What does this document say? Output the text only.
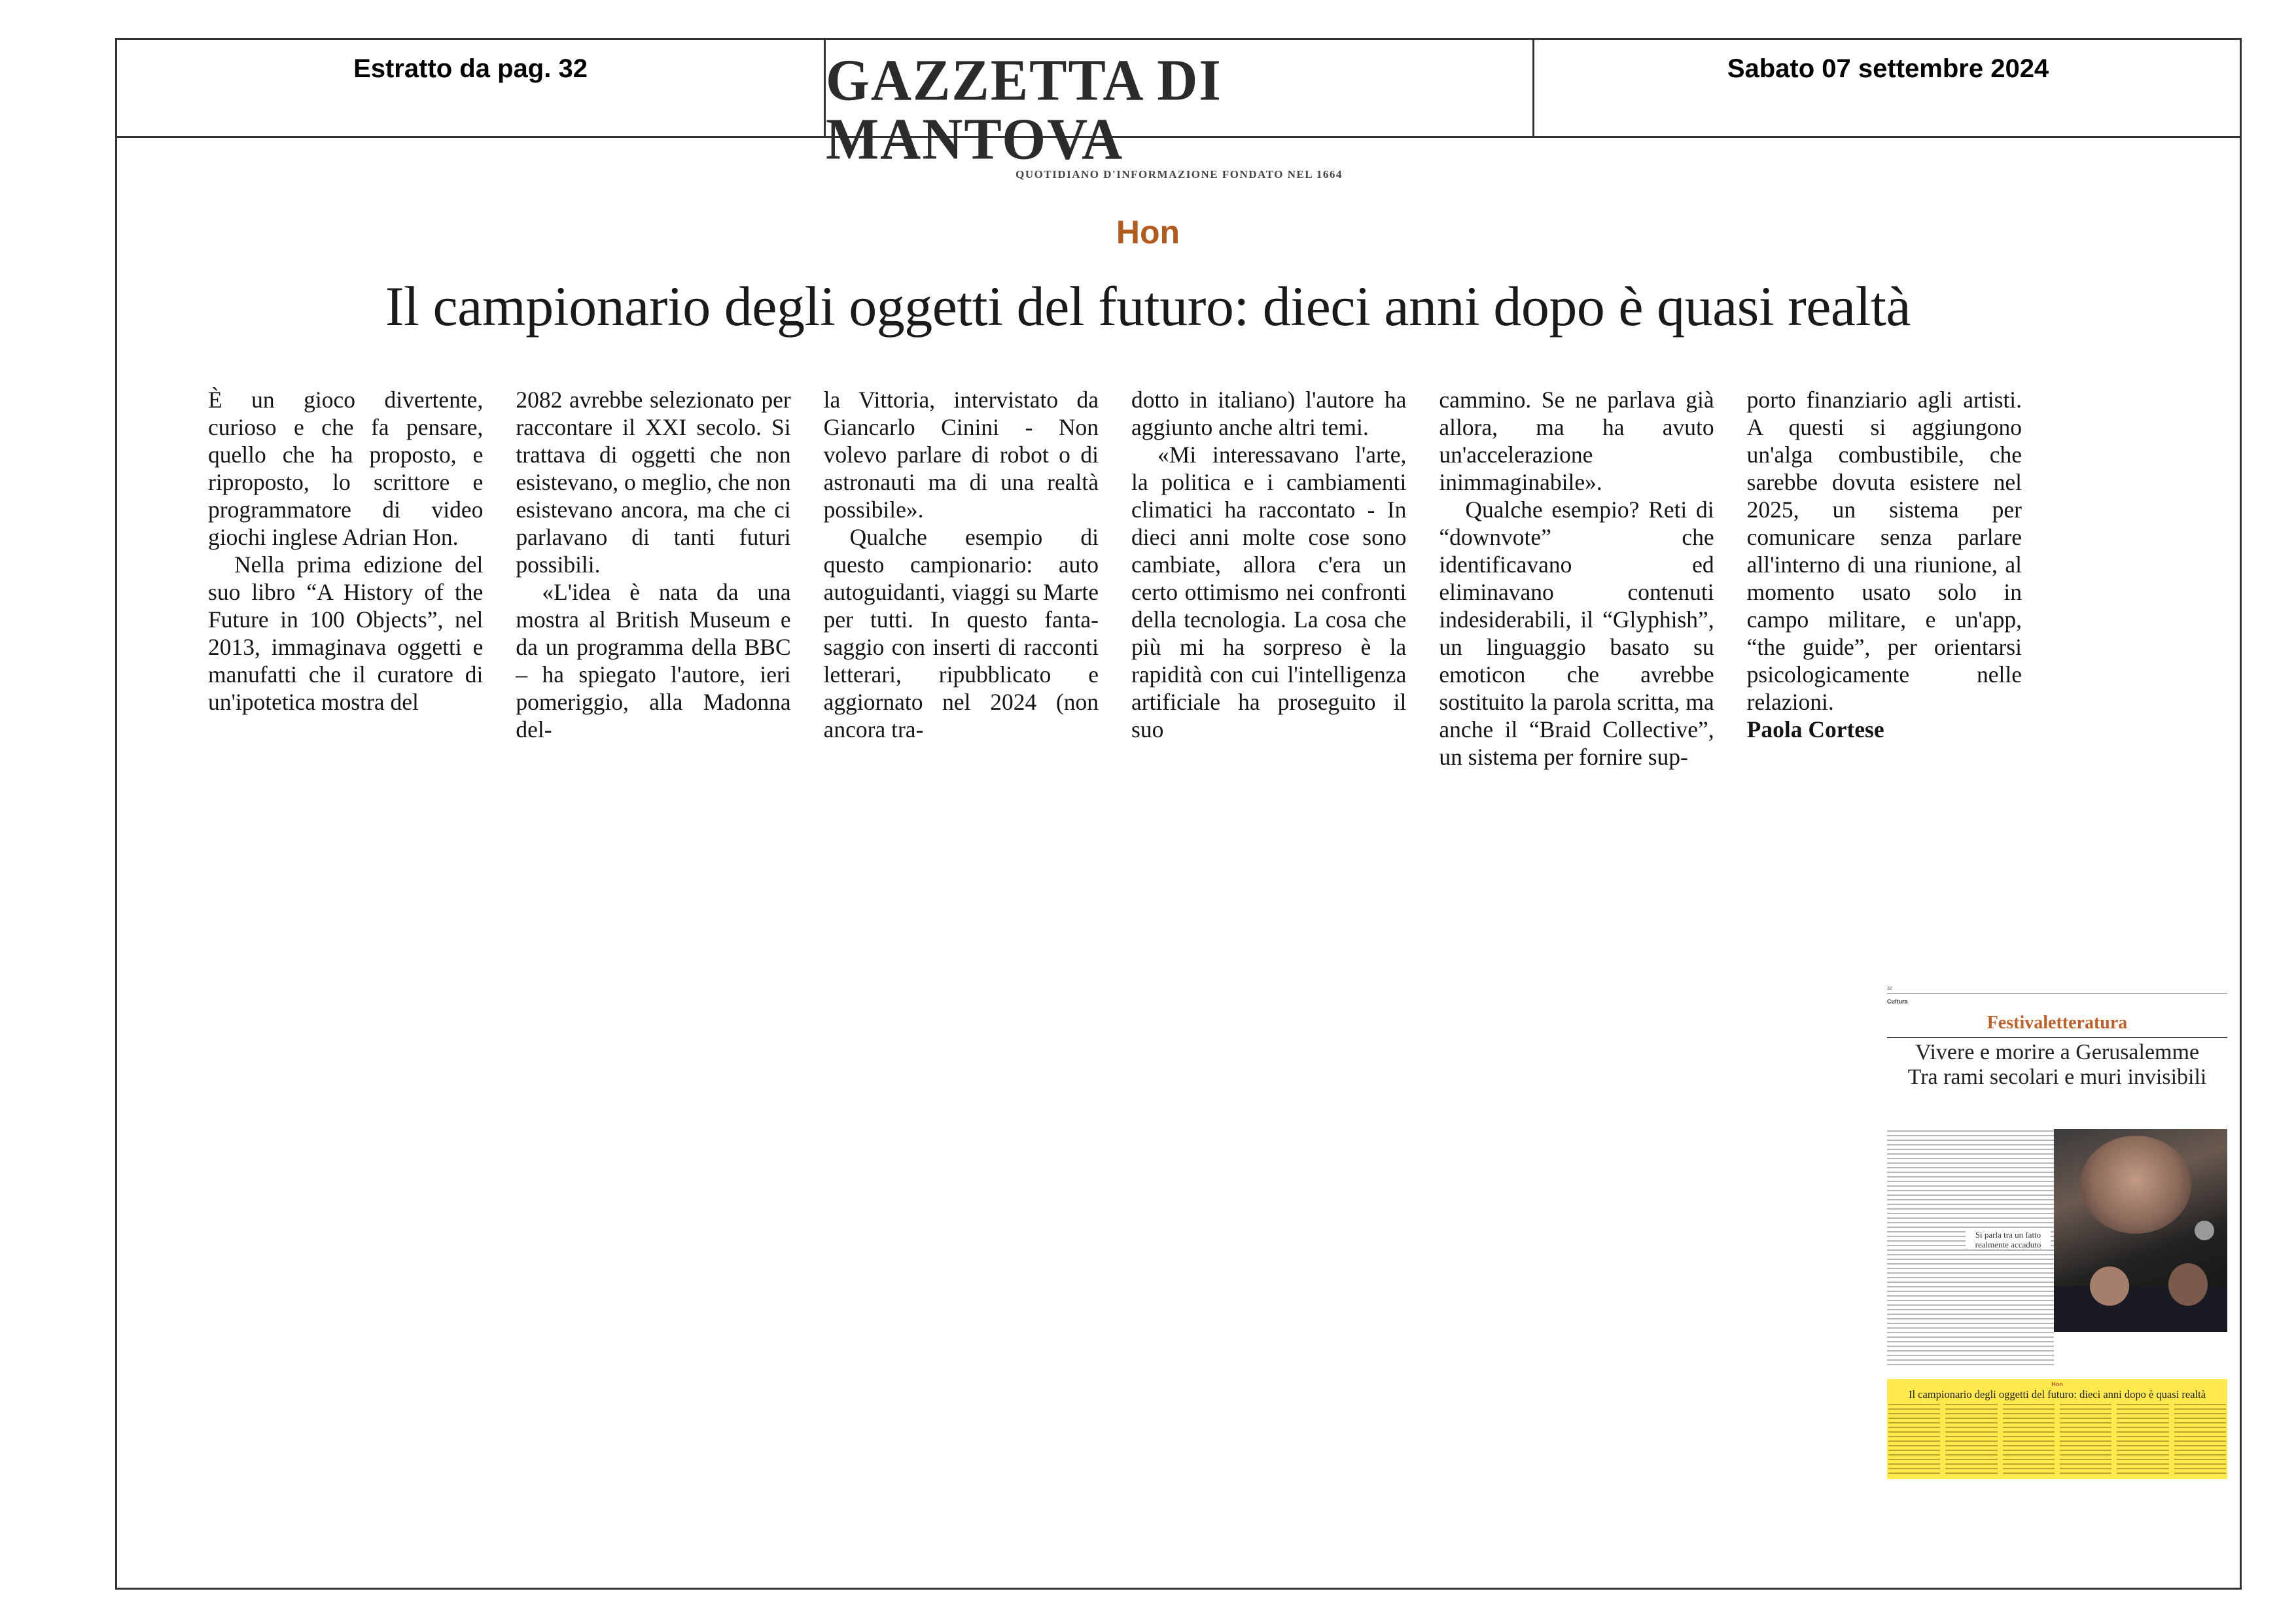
Estratto da pag. 32	GAZZETTA DI MANTOVA
QUOTIDIANO D'INFORMAZIONE FONDATO NEL 1664
Sabato 07 settembre 2024
Hon
Il campionario degli oggetti del futuro: dieci anni dopo è quasi realtà

È un gioco divertente, curioso e che fa pensare, quello che ha proposto, e riproposto, lo scrittore e programmatore di video giochi inglese Adrian Hon.

Nella prima edizione del suo libro “A History of the Future in 100 Objects”, nel 2013, immaginava oggetti e manufatti che il curatore di un'ipotetica mostra del

2082 avrebbe selezionato per raccontare il XXI secolo. Si trattava di oggetti che non esistevano, o meglio, che non esistevano ancora, ma che ci parlavano di tanti futuri possibili.

«L'idea è nata da una mostra al British Museum e da un programma della BBC – ha spiegato l'autore, ieri pomeriggio, alla Madonna del-

la Vittoria, intervistato da Giancarlo Cinini - Non volevo parlare di robot o di astronauti ma di una realtà possibile».

Qualche esempio di questo campionario: auto autoguidanti, viaggi su Marte per tutti. In questo fanta-saggio con inserti di racconti letterari, ripubblicato e aggiornato nel 2024 (non ancora tra-

dotto in italiano) l'autore ha aggiunto anche altri temi.

«Mi interessavano l'arte, la politica e i cambiamenti climatici ha raccontato - In dieci anni molte cose sono cambiate, allora c'era un certo ottimismo nei confronti della tecnologia. La cosa che più mi ha sorpreso è la rapidità con cui l'intelligenza artificiale ha proseguito il suo

cammino. Se ne parlava già allora, ma ha avuto un'accelerazione inimmaginabile».

Qualche esempio? Reti di “downvote” che identificavano ed eliminavano contenuti indesiderabili, il “Glyphish”, un linguaggio basato su emoticon che avrebbe sostituito la parola scritta, ma anche il “Braid Collective”, un sistema per fornire sup-

porto finanziario agli artisti. A questi si aggiungono un'alga combustibile, che sarebbe dovuta esistere nel 2025, un sistema per comunicare senza parlare all'interno di una riunione, al momento usato solo in campo militare, e un'app, “the guide”, per orientarsi psicologicamente nelle relazioni.

Paola Cortese

32
Cultura
Festivaletteratura
Vivere e morire a Gerusalemme
Tra rami secolari e muri invisibili
Si parla tra un fatto realmente accaduto
Hon
Il campionario degli oggetti del futuro: dieci anni dopo è quasi realtà
